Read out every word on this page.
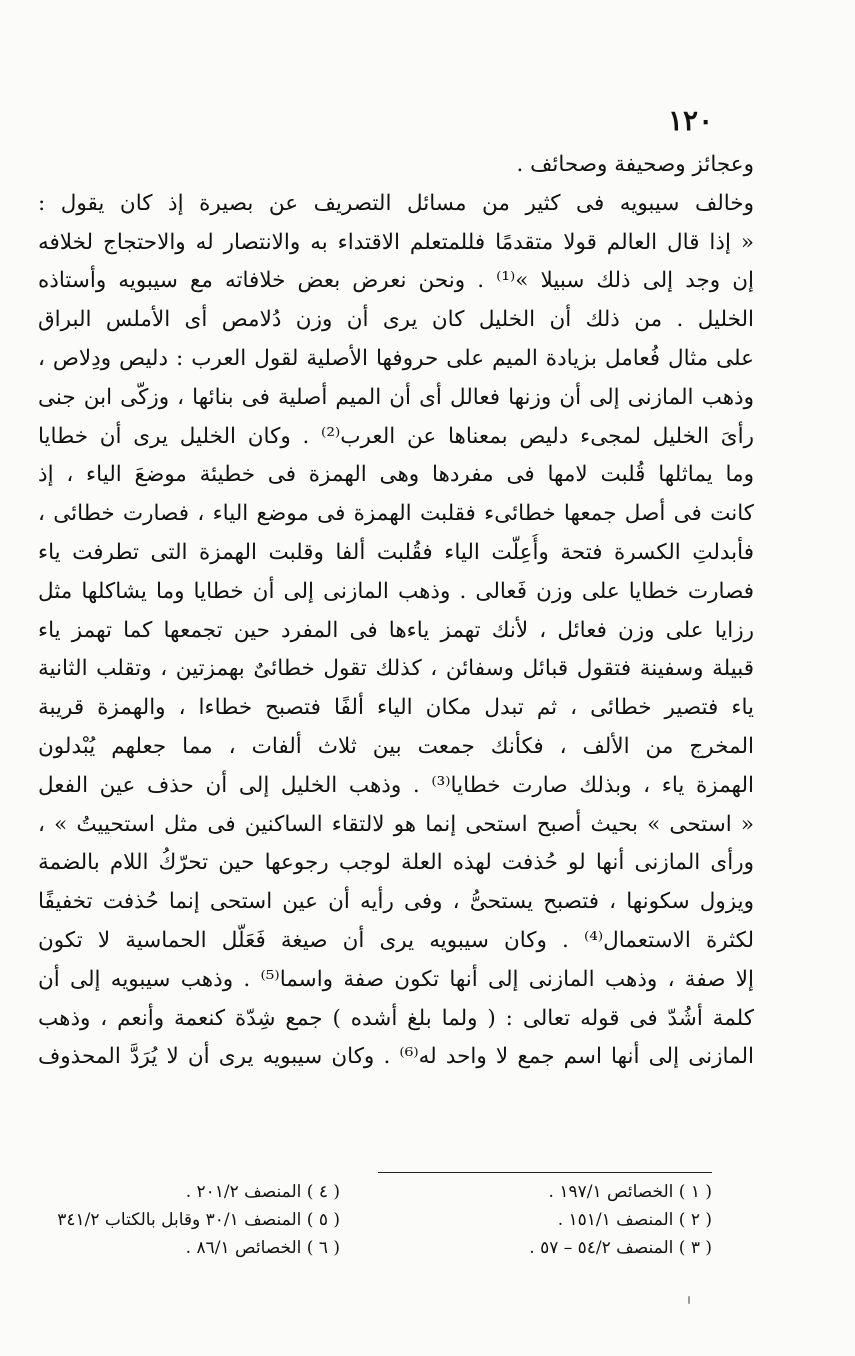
١٢٠
وعجائز وصحيفة وصحائف .
وخالف سيبويه فى كثير من مسائل التصريف عن بصيرة إذ كان يقول :
« إذا قال العالم قولا متقدمًا فللمتعلم الاقتداء به والانتصار له والاحتجاج لخلافه
إن وجد إلى ذلك سبيلا »⁽¹⁾ . ونحن نعرض بعض خلافاته مع سيبويه وأستاذه
الخليل . من ذلك أن الخليل كان يرى أن وزن دُلامص أى الأملس البراق
على مثال فُعامل بزيادة الميم على حروفها الأصلية لقول العرب : دليص ودِلاص ،
وذهب المازنى إلى أن وزنها فعالل أى أن الميم أصلية فى بنائها ، وزكّى ابن جنى
رأىَ الخليل لمجىء دليص بمعناها عن العرب⁽²⁾ . وكان الخليل يرى أن خطايا
وما يماثلها قُلبت لامها فى مفردها وهى الهمزة فى خطيئة موضعَ الياء ، إذ
كانت فى أصل جمعها خطائىء فقلبت الهمزة فى موضع الياء ، فصارت خطائى ،
فأبدلتِ الكسرة فتحة وأُعِلّت الياء فقُلبت ألفا وقلبت الهمزة التى تطرفت ياء
فصارت خطايا على وزن فَعالى . وذهب المازنى إلى أن خطايا وما يشاكلها مثل
رزايا على وزن فعائل ، لأنك تهمز ياءها فى المفرد حين تجمعها كما تهمز ياء
قبيلة وسفينة فتقول قبائل وسفائن ، كذلك تقول خطائىٌ بهمزتين ، وتقلب الثانية
ياء فتصير خطائى ، ثم تبدل مكان الياء ألفًا فتصبح خطاءا ، والهمزة قريبة
المخرج من الألف ، فكأنك جمعت بين ثلاث ألفات ، مما جعلهم يُبْدلون
الهمزة ياء ، وبذلك صارت خطايا⁽³⁾ . وذهب الخليل إلى أن حذف عين الفعل
« استحى » بحيث أصبح استحى إنما هو لالتقاء الساكنين فى مثل استحييتُ » ،
ورأى المازنى أنها لو حُذفت لهذه العلة لوجب رجوعها حين تحرّكُ اللام بالضمة
ويزول سكونها ، فتصبح يستحىُّ ، وفى رأيه أن عين استحى إنما حُذفت تخفيفًا
لكثرة الاستعمال⁽⁴⁾ . وكان سيبويه يرى أن صيغة فَعَلّل الحماسية لا تكون
إلا صفة ، وذهب المازنى إلى أنها تكون صفة واسما⁽⁵⁾ . وذهب سيبويه إلى أن
كلمة أشُدّ فى قوله تعالى : ( ولما بلغ أشده ) جمع شِدّة كنعمة وأنعم ، وذهب
المازنى إلى أنها اسم جمع لا واحد له⁽⁶⁾ . وكان سيبويه يرى أن لا يُرَدَّ المحذوف
( ١ ) الخصائص ١٩٧/١ .
( ٢ ) المنصف ١٥١/١ .
( ٣ ) المنصف ٥٤/٢ – ٥٧ .
( ٤ ) المنصف ٢٠١/٢ .
( ٥ ) المنصف ٣٠/١ وقابل بالكتاب ٣٤١/٢
( ٦ ) الخصائص ٨٦/١ .
